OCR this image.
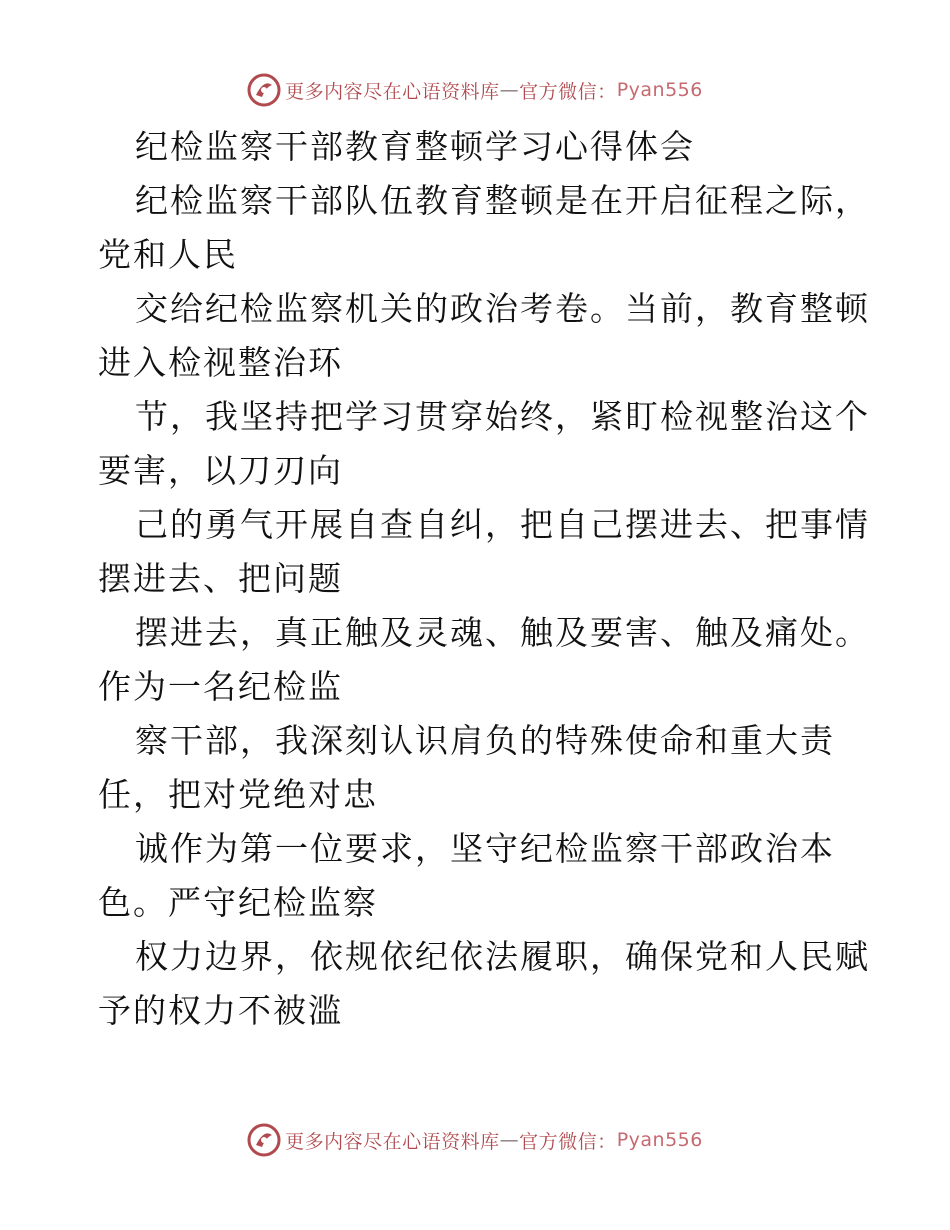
更多内容尽在心语资料库 — 官方微信： Pyan556
纪检监察干部教育整顿学习心得体会
纪检监察干部队伍教育整顿是在开启征程之际，
党和人民
交给纪检监察机关的政治考卷。当前，教育整顿
进入检视整治环
节，我坚持把学习贯穿始终，紧盯检视整治这个
要害，以刀刃向
己的勇气开展自查自纠，把自己摆进去、把事情
摆进去、把问题
摆进去，真正触及灵魂、触及要害、触及痛处。
作为一名纪检监
察干部，我深刻认识肩负的特殊使命和重大责
任，把对党绝对忠
诚作为第一位要求，坚守纪检监察干部政治本
色。严守纪检监察
权力边界，依规依纪依法履职，确保党和人民赋
予的权力不被滥
更多内容尽在心语资料库 — 官方微信： Pyan556
